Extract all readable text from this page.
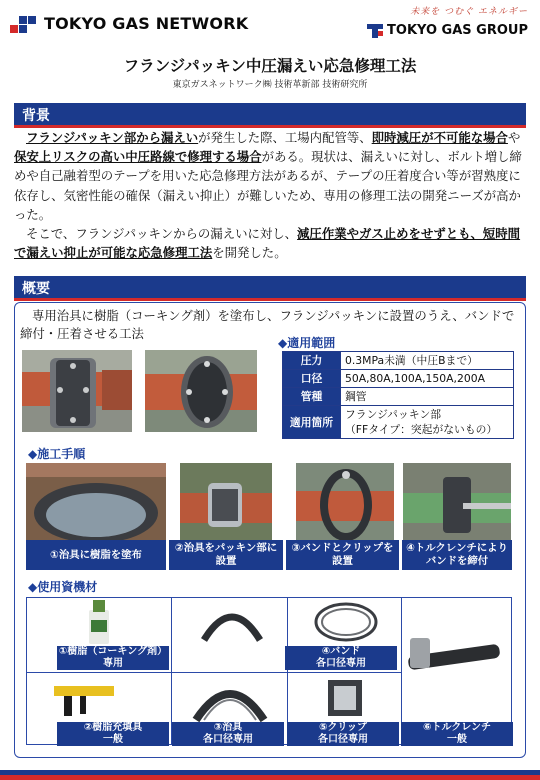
TOKYO GAS NETWORK
未来を つむぐ エネルギー
TOKYO GAS GROUP
フランジパッキン中圧漏えい応急修理工法
東京ガスネットワーク㈱ 技術革新部 技術研究所
背景

フランジパッキン部から漏えいが発生した際、工場内配管等、即時減圧が不可能な場合や保安上リスクの高い中圧路線で修理する場合がある。現状は、漏えいに対し、ボルト増し締めや自己融着型のテープを用いた応急修理方法があるが、テープの圧着度合い等が習熟度に依存し、気密性能の確保（漏えい抑止）が難しいため、専用の修理工法の開発ニーズが高かった。

そこで、フランジパッキンからの漏えいに対し、減圧作業やガス止めをせずとも、短時間で漏えい抑止が可能な応急修理工法を開発した。

概要
専用治具に樹脂（コーキング剤）を塗布し、フランジパッキンに設置のうえ、バンドで締付・圧着させる工法
◆適用範囲
圧力	0.3MPa未満（中圧Bまで）
口径	50A,80A,100A,150A,200A
管種	鋼管
適用箇所	フランジパッキン部
（FFタイプ：突起がないもの）
◆施工手順
①治具に樹脂を塗布
②治具をパッキン部に
設置
③バンドとクリップを
設置
④トルクレンチにより
バンドを締付
◆使用資機材
①樹脂（コーキング剤）
専用
④バンド
各口径専用
②樹脂充填具
一般
③治具
各口径専用
⑤クリップ
各口径専用
⑥トルクレンチ
一般
